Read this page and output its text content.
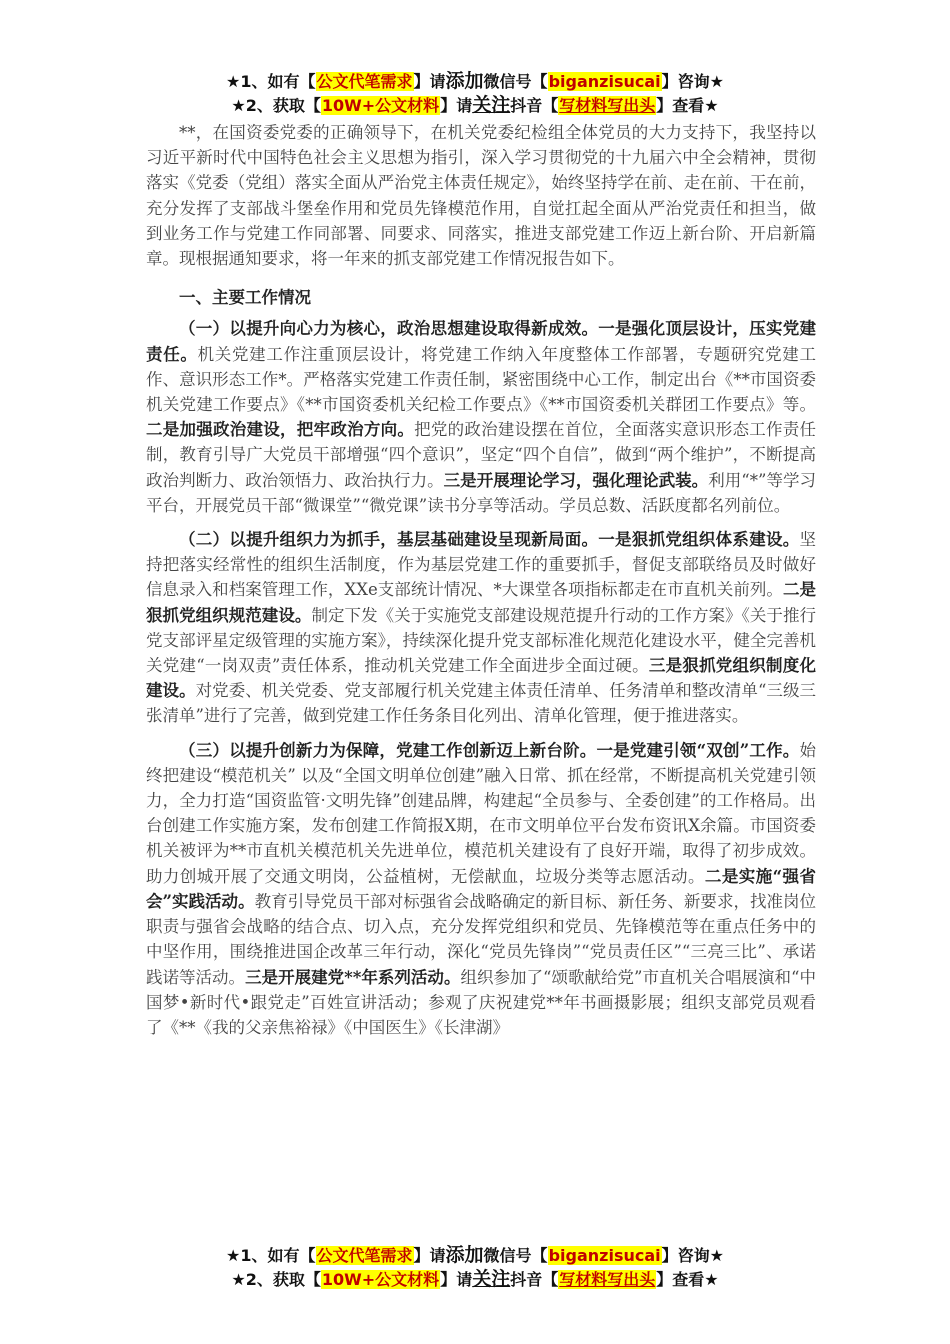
★1、如有【公文代笔需求】请添加微信号【biganzisucai】咨询★
★2、获取【10W+公文材料】请关注抖音【写材料写出头】查看★

**，在国资委党委的正确领导下，在机关党委纪检组全体党员的大力支持下，我坚持以习近平新时代中国特色社会主义思想为指引，深入学习贯彻党的十九届六中全会精神，贯彻落实《党委（党组）落实全面从严治党主体责任规定》，始终坚持学在前、走在前、干在前，充分发挥了支部战斗堡垒作用和党员先锋模范作用，自觉扛起全面从严治党责任和担当，做到业务工作与党建工作同部署、同要求、同落实，推进支部党建工作迈上新台阶、开启新篇章。现根据通知要求，将一年来的抓支部党建工作情况报告如下。

一、主要工作情况

（一）以提升向心力为核心，政治思想建设取得新成效。一是强化顶层设计，压实党建责任。机关党建工作注重顶层设计，将党建工作纳入年度整体工作部署，专题研究党建工作、意识形态工作*。严格落实党建工作责任制，紧密围绕中心工作，制定出台《**市国资委机关党建工作要点》《**市国资委机关纪检工作要点》《**市国资委机关群团工作要点》等。二是加强政治建设，把牢政治方向。把党的政治建设摆在首位，全面落实意识形态工作责任制，教育引导广大党员干部增强“四个意识”，坚定“四个自信”，做到“两个维护”，不断提高政治判断力、政治领悟力、政治执行力。三是开展理论学习，强化理论武装。利用“*”等学习平台，开展党员干部“微课堂”“微党课”读书分享等活动。学员总数、活跃度都名列前位。

（二）以提升组织力为抓手，基层基础建设呈现新局面。一是狠抓党组织体系建设。坚持把落实经常性的组织生活制度，作为基层党建工作的重要抓手，督促支部联络员及时做好信息录入和档案管理工作，XXe支部统计情况、*大课堂各项指标都走在市直机关前列。二是狠抓党组织规范建设。制定下发《关于实施党支部建设规范提升行动的工作方案》《关于推行党支部评星定级管理的实施方案》，持续深化提升党支部标准化规范化建设水平，健全完善机关党建“一岗双责”责任体系，推动机关党建工作全面进步全面过硬。三是狠抓党组织制度化建设。对党委、机关党委、党支部履行机关党建主体责任清单、任务清单和整改清单“三级三张清单”进行了完善，做到党建工作任务条目化列出、清单化管理，便于推进落实。

（三）以提升创新力为保障，党建工作创新迈上新台阶。一是党建引领“双创”工作。始终把建设“模范机关” 以及“全国文明单位创建”融入日常、抓在经常，不断提高机关党建引领力，全力打造“国资监管·文明先锋”创建品牌，构建起“全员参与、全委创建”的工作格局。出台创建工作实施方案，发布创建工作简报X期，在市文明单位平台发布资讯X余篇。市国资委机关被评为**市直机关模范机关先进单位，模范机关建设有了良好开端，取得了初步成效。助力创城开展了交通文明岗，公益植树，无偿献血，垃圾分类等志愿活动。二是实施“强省会”实践活动。教育引导党员干部对标强省会战略确定的新目标、新任务、新要求，找准岗位职责与强省会战略的结合点、切入点，充分发挥党组织和党员、先锋模范等在重点任务中的中坚作用，围绕推进国企改革三年行动，深化“党员先锋岗”“党员责任区”“三亮三比”、承诺践诺等活动。三是开展建党**年系列活动。组织参加了“颂歌献给党”市直机关合唱展演和“中国梦•新时代•跟党走”百姓宣讲活动；参观了庆祝建党**年书画摄影展；组织支部党员观看了《**《我的父亲焦裕禄》《中国医生》《长津湖》

★1、如有【公文代笔需求】请添加微信号【biganzisucai】咨询★
★2、获取【10W+公文材料】请关注抖音【写材料写出头】查看★
